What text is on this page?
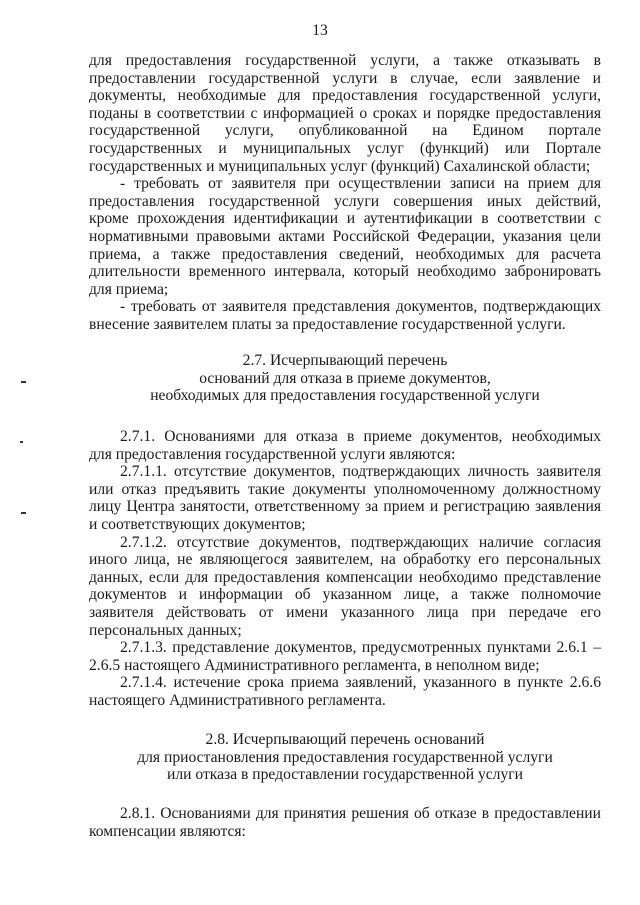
13

для предоставления государственной услуги, а также отказывать в

предоставлении государственной услуги в случае, если заявление и

документы, необходимые для предоставления государственной услуги,

поданы в соответствии с информацией о сроках и порядке предоставления

государственной услуги, опубликованной на Едином портале

государственных и муниципальных услуг (функций) или Портале

государственных и муниципальных услуг (функций) Сахалинской области;

- требовать от заявителя при осуществлении записи на прием для

предоставления государственной услуги совершения иных действий,

кроме прохождения идентификации и аутентификации в соответствии с

нормативными правовыми актами Российской Федерации, указания цели

приема, а также предоставления сведений, необходимых для расчета

длительности временного интервала, который необходимо забронировать

для приема;

- требовать от заявителя представления документов, подтверждающих

внесение заявителем платы за предоставление государственной услуги.

2.7. Исчерпывающий перечень
оснований для отказа в приеме документов,
необходимых для предоставления государственной услуги

2.7.1. Основаниями для отказа в приеме документов, необходимых

для предоставления государственной услуги являются:

2.7.1.1. отсутствие документов, подтверждающих личность заявителя

или отказ предъявить такие документы уполномоченному должностному

лицу Центра занятости, ответственному за прием и регистрацию заявления

и соответствующих документов;

2.7.1.2. отсутствие документов, подтверждающих наличие согласия

иного лица, не являющегося заявителем, на обработку его персональных

данных, если для предоставления компенсации необходимо представление

документов и информации об указанном лице, а также полномочие

заявителя действовать от имени указанного лица при передаче его

персональных данных;

2.7.1.3. представление документов, предусмотренных пунктами 2.6.1 –

2.6.5 настоящего Административного регламента, в неполном виде;

2.7.1.4. истечение срока приема заявлений, указанного в пункте 2.6.6

настоящего Административного регламента.

2.8. Исчерпывающий перечень оснований
для приостановления предоставления государственной услуги
или отказа в предоставлении государственной услуги

2.8.1. Основаниями для принятия решения об отказе в предоставлении

компенсации являются:
